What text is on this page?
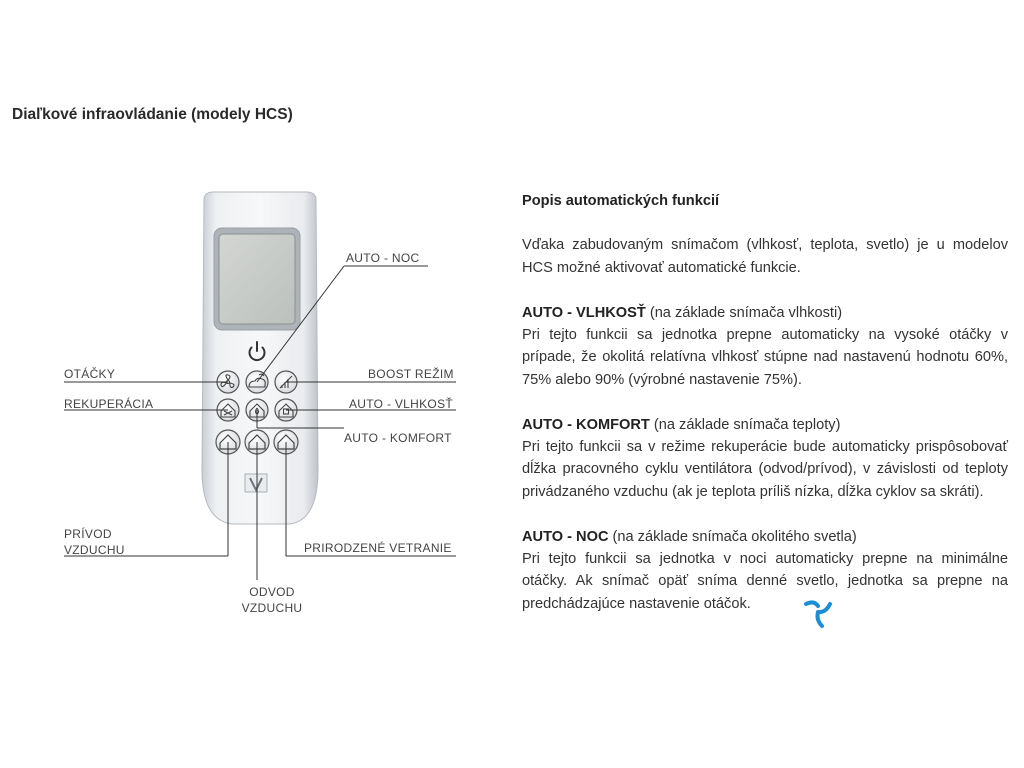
Diaľkové infraovládanie (modely HCS)
AUTO - NOC
OTÁČKY	BOOST REŽIM
REKUPERÁCIA	AUTO - VLHKOSŤ
AUTO - KOMFORT
PRÍVOD
VZDUCHU	PRIRODZENÉ VETRANIE
ODVOD
VZDUCHU
Popis automatických funkcií

Vďaka zabudovaným snímačom (vlhkosť, teplota, svetlo) je u modelov HCS možné aktivovať automatické funkcie.

AUTO - VLHKOSŤ (na základe snímača vlhkosti)

Pri tejto funkcii sa jednotka prepne automaticky na vysoké otáčky v prípade, že okolitá relatívna vlhkosť stúpne nad nastavenú hodnotu 60%, 75% alebo 90% (výrobné nastavenie 75%).

AUTO - KOMFORT (na základe snímača teploty)

Pri tejto funkcii sa v režime rekuperácie bude automaticky prispôsobovať dĺžka pracovného cyklu ventilátora (odvod/prívod), v závislosti od teploty privádzaného vzduchu (ak je teplota príliš nízka, dĺžka cyklov sa skráti).

AUTO - NOC (na základe snímača okolitého svetla)

Pri tejto funkcii sa jednotka v noci automaticky prepne na minimálne otáčky. Ak snímač opäť sníma denné svetlo, jednotka sa prepne na predchádzajúce nastavenie otáčok.
